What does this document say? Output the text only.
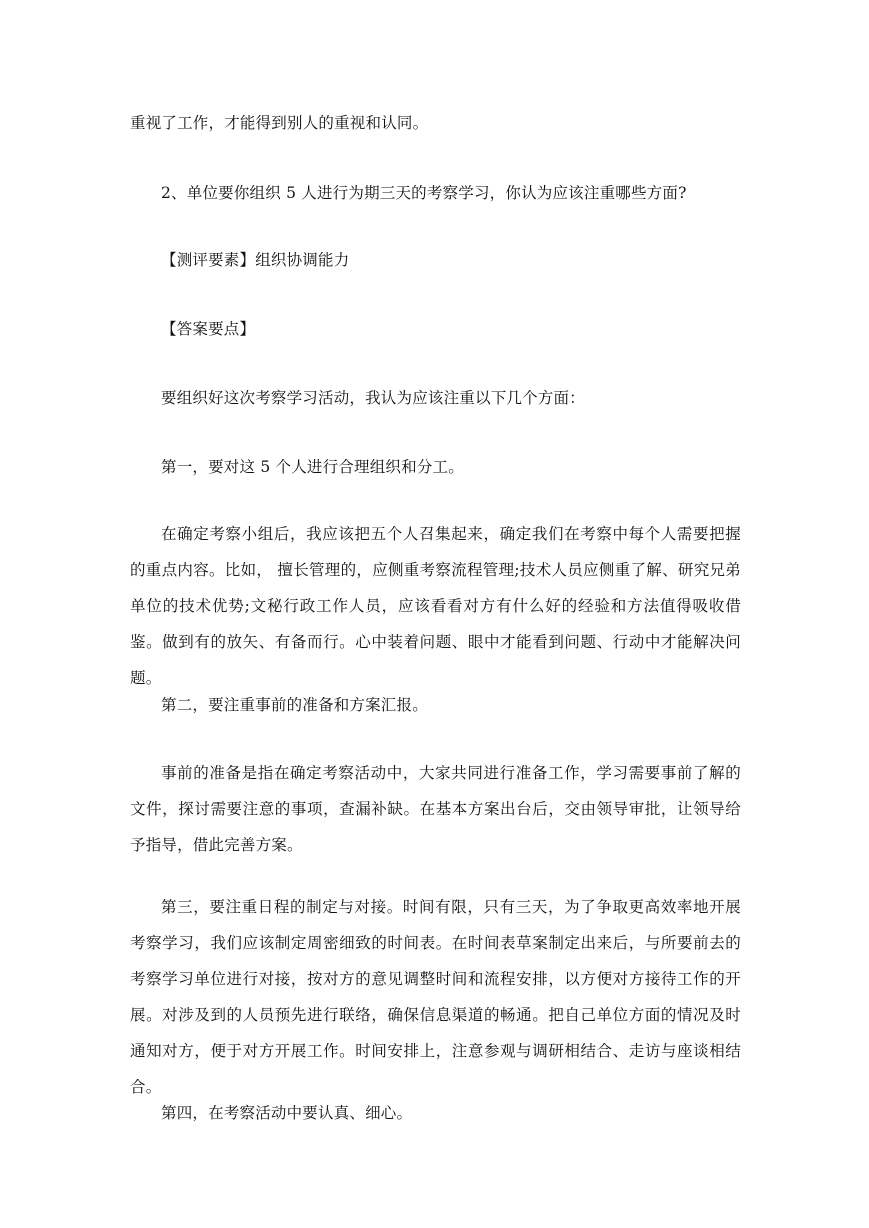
重视了工作，才能得到别人的重视和认同。

2、单位要你组织 5 人进行为期三天的考察学习，你认为应该注重哪些方面?

【测评要素】组织协调能力

【答案要点】

要组织好这次考察学习活动，我认为应该注重以下几个方面：

第一，要对这 5 个人进行合理组织和分工。

在确定考察小组后，我应该把五个人召集起来，确定我们在考察中每个人需要把握的重点内容。比如， 擅长管理的，应侧重考察流程管理;技术人员应侧重了解、研究兄弟单位的技术优势;文秘行政工作人员，应该看看对方有什么好的经验和方法值得吸收借鉴。做到有的放矢、有备而行。心中装着问题、眼中才能看到问题、行动中才能解决问题。

第二，要注重事前的准备和方案汇报。

事前的准备是指在确定考察活动中，大家共同进行准备工作，学习需要事前了解的文件，探讨需要注意的事项，查漏补缺。在基本方案出台后，交由领导审批，让领导给予指导，借此完善方案。

第三，要注重日程的制定与对接。时间有限，只有三天，为了争取更高效率地开展考察学习，我们应该制定周密细致的时间表。在时间表草案制定出来后，与所要前去的考察学习单位进行对接，按对方的意见调整时间和流程安排，以方便对方接待工作的开展。对涉及到的人员预先进行联络，确保信息渠道的畅通。把自己单位方面的情况及时通知对方，便于对方开展工作。时间安排上，注意参观与调研相结合、走访与座谈相结合。

第四，在考察活动中要认真、细心。
